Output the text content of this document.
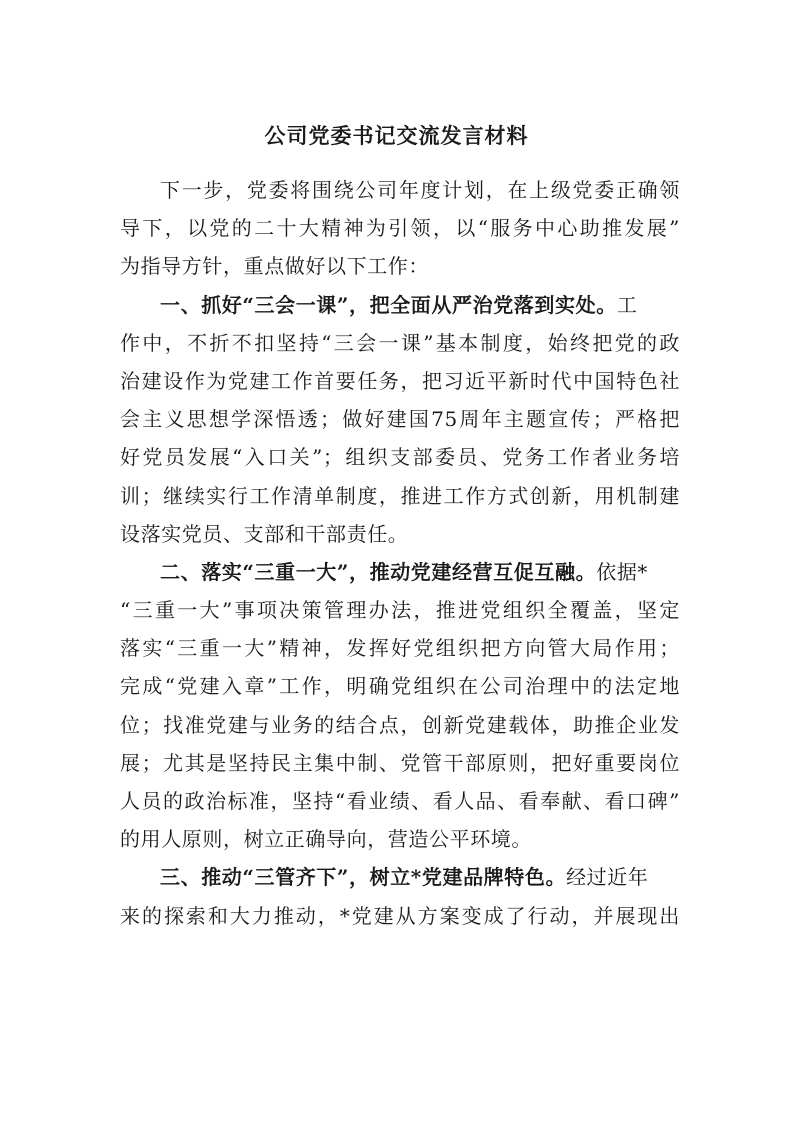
公司党委书记交流发言材料
下一步，党委将围绕公司年度计划，在上级党委正确领
导下，以党的二十大精神为引领，以“服务中心助推发展”
为指导方针，重点做好以下工作：
一、抓好“三会一课”，把全面从严治党落到实处。工
作中，不折不扣坚持“三会一课”基本制度，始终把党的政
治建设作为党建工作首要任务，把习近平新时代中国特色社
会主义思想学深悟透；做好建国75周年主题宣传；严格把
好党员发展“入口关”；组织支部委员、党务工作者业务培
训；继续实行工作清单制度，推进工作方式创新，用机制建
设落实党员、支部和干部责任。
二、落实“三重一大”，推动党建经营互促互融。依据*
“三重一大”事项决策管理办法，推进党组织全覆盖，坚定
落实“三重一大”精神，发挥好党组织把方向管大局作用；
完成“党建入章”工作，明确党组织在公司治理中的法定地
位；找准党建与业务的结合点，创新党建载体，助推企业发
展；尤其是坚持民主集中制、党管干部原则，把好重要岗位
人员的政治标准，坚持“看业绩、看人品、看奉献、看口碑”
的用人原则，树立正确导向，营造公平环境。
三、推动“三管齐下”，树立*党建品牌特色。经过近年
来的探索和大力推动，*党建从方案变成了行动，并展现出
